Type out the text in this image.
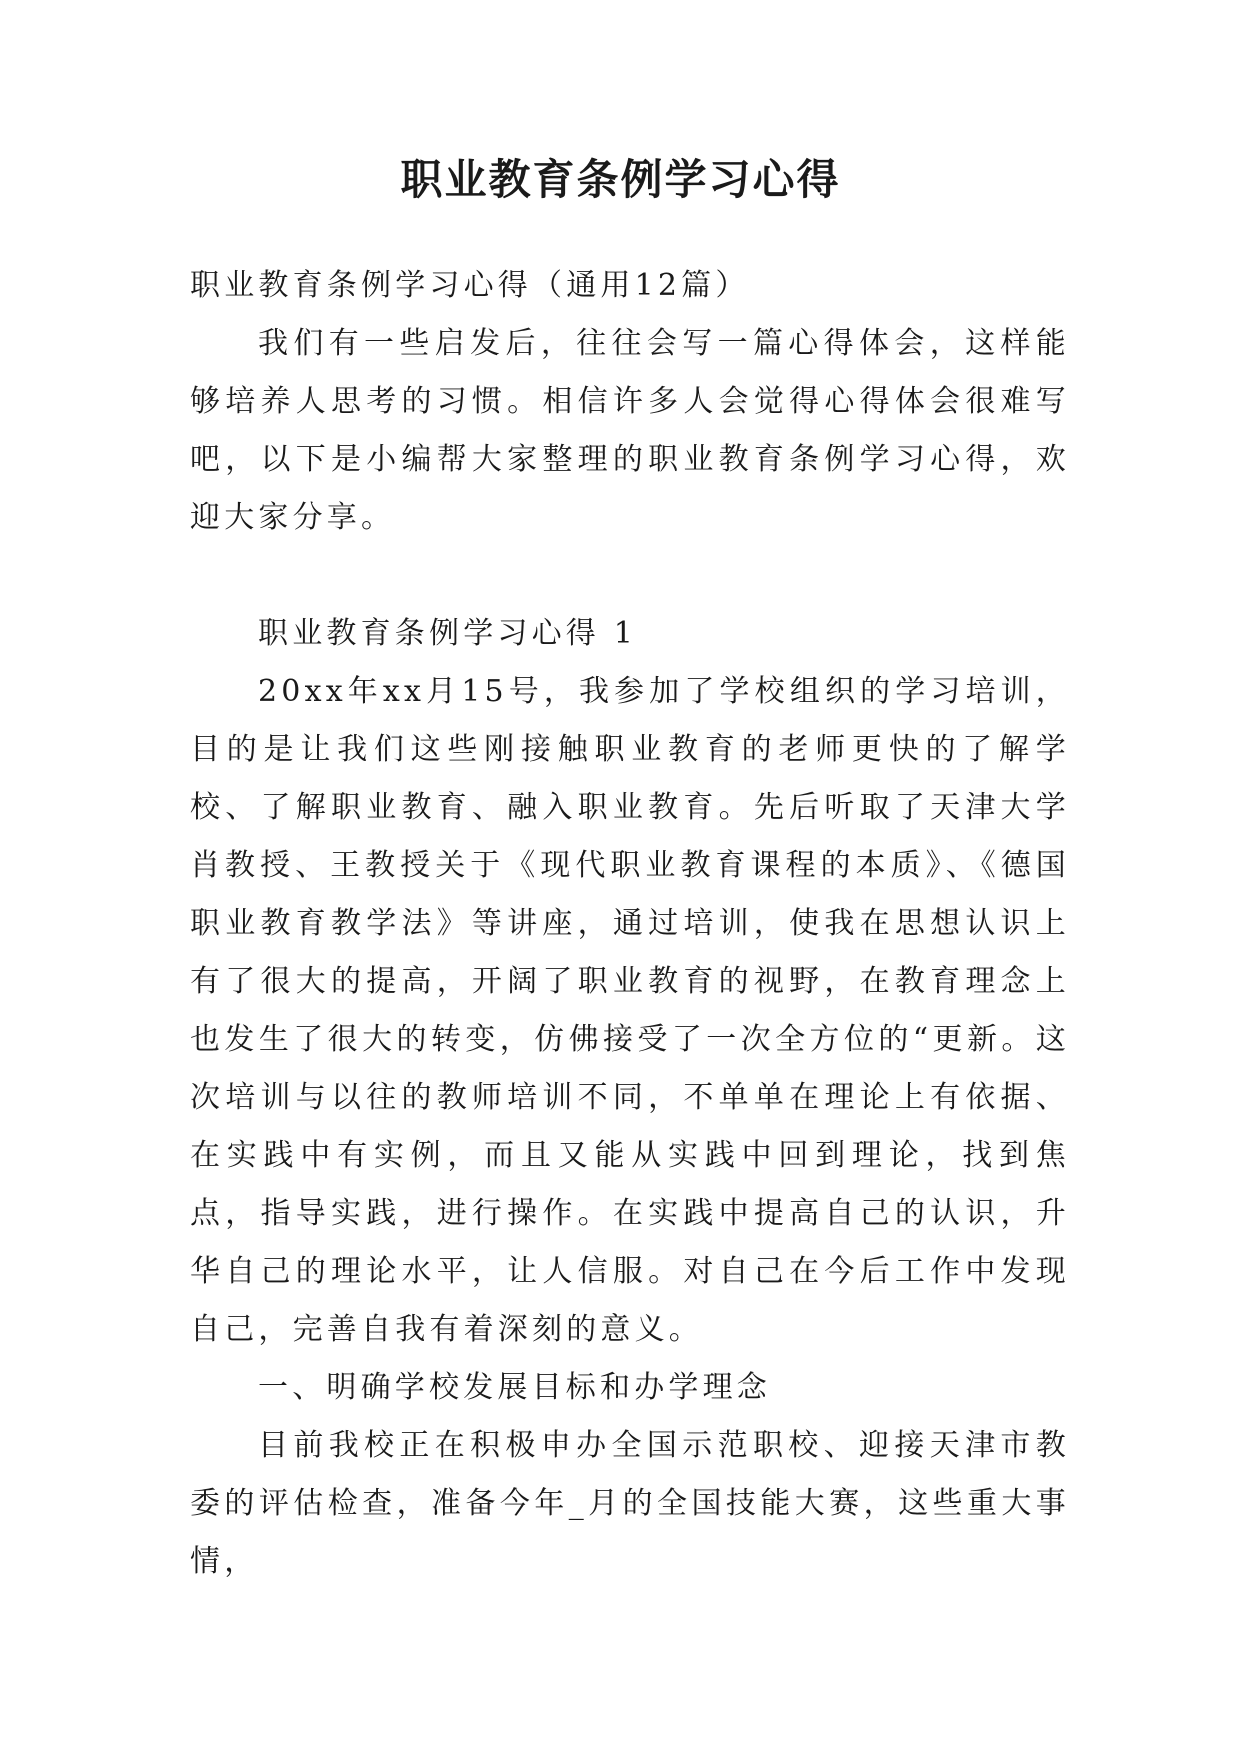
职业教育条例学习心得

职业教育条例学习心得（通用12篇）

我们有一些启发后，往往会写一篇心得体会，这样能够培养人思考的习惯。相信许多人会觉得心得体会很难写吧，以下是小编帮大家整理的职业教育条例学习心得，欢迎大家分享。

职业教育条例学习心得 1

20xx年xx月15号，我参加了学校组织的学习培训，目的是让我们这些刚接触职业教育的老师更快的了解学校、了解职业教育、融入职业教育。先后听取了天津大学肖教授、王教授关于《现代职业教育课程的本质》、《德国职业教育教学法》等讲座，通过培训，使我在思想认识上有了很大的提高，开阔了职业教育的视野，在教育理念上也发生了很大的转变，仿佛接受了一次全方位的“更新。这次培训与以往的教师培训不同，不单单在理论上有依据、在实践中有实例，而且又能从实践中回到理论，找到焦点，指导实践，进行操作。在实践中提高自己的认识，升华自己的理论水平，让人信服。对自己在今后工作中发现自己，完善自我有着深刻的意义。

一、明确学校发展目标和办学理念

目前我校正在积极申办全国示范职校、迎接天津市教委的评估检查，准备今年_月的全国技能大赛，这些重大事情，
